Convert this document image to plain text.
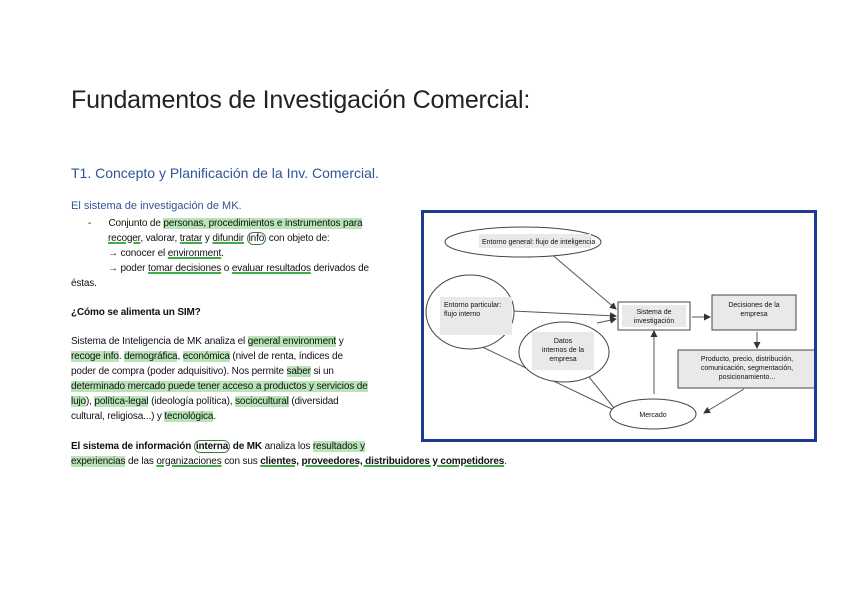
Fundamentos de Investigación Comercial:
T1. Concepto y Planificación de la Inv. Comercial.
El sistema de investigación de MK.
- Conjunto de personas, procedimientos e instrumentos para
recoger, valorar, tratar y difundir info con objeto de:
→ conocer el environment.
→ poder tomar decisiones o evaluar resultados derivados de
éstas.
¿Cómo se alimenta un SIM?
Sistema de Inteligencia de MK analiza el general environment y
recoge info. demográfica, económica (nivel de renta, índices de
poder de compra (poder adquisitivo). Nos permite saber si un
determinado mercado puede tener acceso a productos y servicios de
lujo), política-legal (ideología política), sociocultural (diversidad
cultural, religiosa...) y tecnológica.
El sistema de información interna de MK analiza los resultados y
experiencias de las organizaciones con sus clientes, proveedores, distribuidores y competidores.
Entorno general: flujo de inteligencia
Entorno particular:
flujo interno
Datos
internos de la
empresa
Sistema de
investigación
Decisiones de la
empresa
Producto, precio, distribución,
comunicación, segmentación,
posicionamiento...
Mercado
